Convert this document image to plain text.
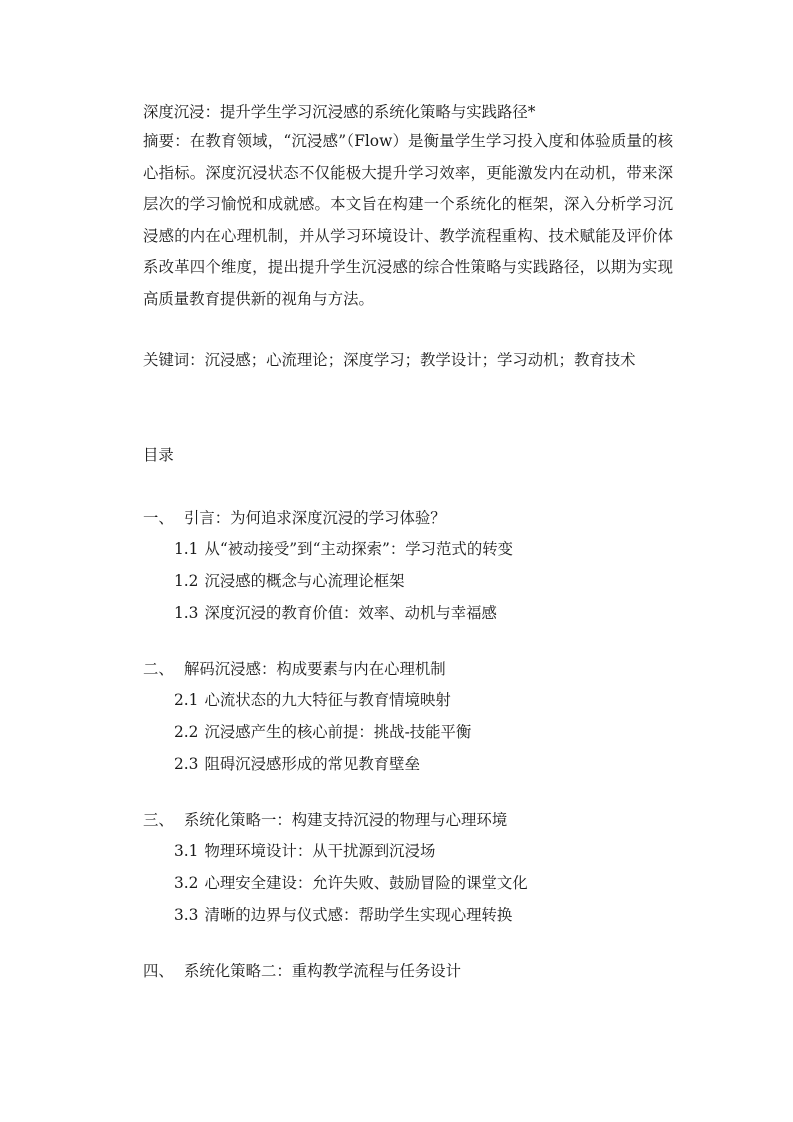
深度沉浸：提升学生学习沉浸感的系统化策略与实践路径*
摘要：在教育领域，“沉浸感”（Flow）是衡量学生学习投入度和体验质量的核心指标。深度沉浸状态不仅能极大提升学习效率，更能激发内在动机，带来深层次的学习愉悦和成就感。本文旨在构建一个系统化的框架，深入分析学习沉浸感的内在心理机制，并从学习环境设计、教学流程重构、技术赋能及评价体系改革四个维度，提出提升学生沉浸感的综合性策略与实践路径，以期为实现高质量教育提供新的视角与方法。
关键词：沉浸感；心流理论；深度学习；教学设计；学习动机；教育技术
目录
一、 引言：为何追求深度沉浸的学习体验？
1.1 从“被动接受”到“主动探索”：学习范式的转变
1.2 沉浸感的概念与心流理论框架
1.3 深度沉浸的教育价值：效率、动机与幸福感
二、 解码沉浸感：构成要素与内在心理机制
2.1 心流状态的九大特征与教育情境映射
2.2 沉浸感产生的核心前提：挑战-技能平衡
2.3 阻碍沉浸感形成的常见教育壁垒
三、 系统化策略一：构建支持沉浸的物理与心理环境
3.1 物理环境设计：从干扰源到沉浸场
3.2 心理安全建设：允许失败、鼓励冒险的课堂文化
3.3 清晰的边界与仪式感：帮助学生实现心理转换
四、 系统化策略二：重构教学流程与任务设计
